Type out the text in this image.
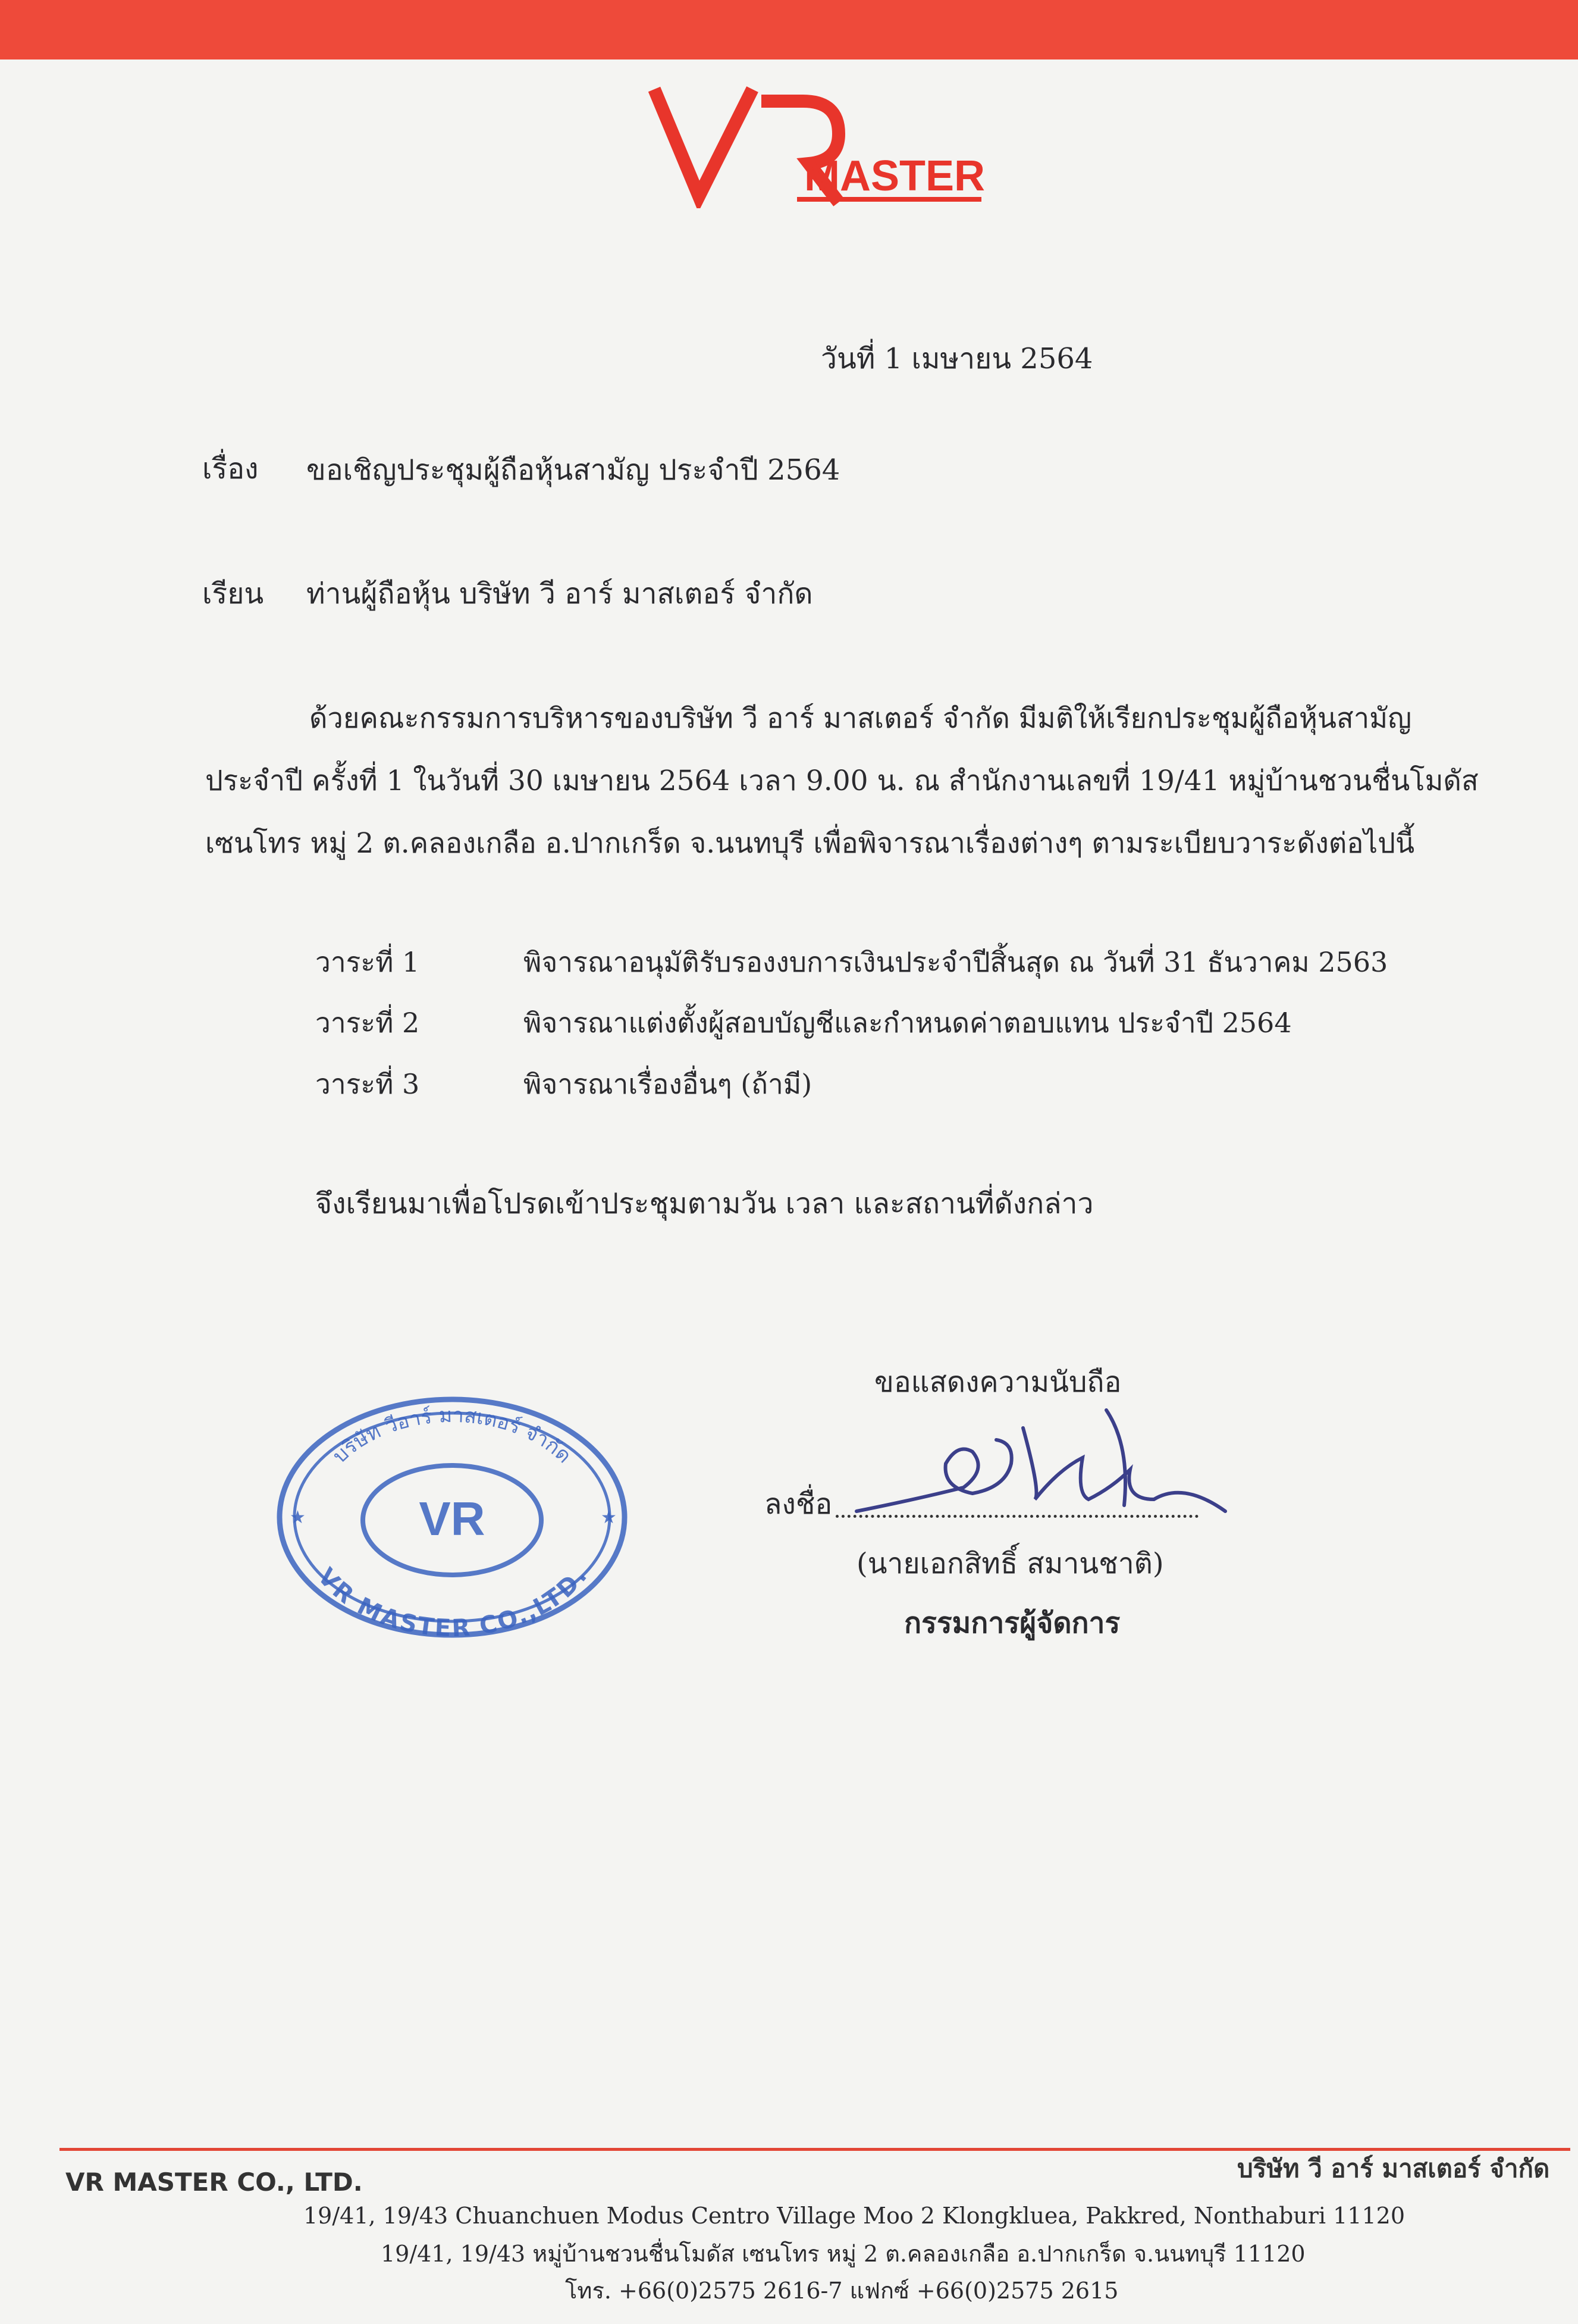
MASTER
วันที่ 1 เมษายน 2564
เรื่อง ขอเชิญประชุมผู้ถือหุ้นสามัญ ประจำปี 2564
เรียน ท่านผู้ถือหุ้น บริษัท วี อาร์ มาสเตอร์ จำกัด
ด้วยคณะกรรมการบริหารของบริษัท วี อาร์ มาสเตอร์ จำกัด มีมติให้เรียกประชุมผู้ถือหุ้นสามัญ
ประจำปี ครั้งที่ 1 ในวันที่ 30 เมษายน 2564 เวลา 9.00 น. ณ สำนักงานเลขที่ 19/41 หมู่บ้านชวนชื่นโมดัส
เซนโทร หมู่ 2 ต.คลองเกลือ อ.ปากเกร็ด จ.นนทบุรี เพื่อพิจารณาเรื่องต่างๆ ตามระเบียบวาระดังต่อไปนี้
วาระที่ 1	พิจารณาอนุมัติรับรองงบการเงินประจำปีสิ้นสุด ณ วันที่ 31 ธันวาคม 2563
วาระที่ 2	พิจารณาแต่งตั้งผู้สอบบัญชีและกำหนดค่าตอบแทน ประจำปี 2564
วาระที่ 3	พิจารณาเรื่องอื่นๆ (ถ้ามี)
จึงเรียนมาเพื่อโปรดเข้าประชุมตามวัน เวลา และสถานที่ดังกล่าว
ขอแสดงความนับถือ
บริษัท วีอาร์ มาสเตอร์ จำกัด
VR MASTER CO.,LTD.
VR
★	★	ลงชื่อ
(นายเอกสิทธิ์ สมานชาติ)
กรรมการผู้จัดการ
VR MASTER CO., LTD.	บริษัท วี อาร์ มาสเตอร์ จำกัด
19/41, 19/43 Chuanchuen Modus Centro Village Moo 2 Klongkluea, Pakkred, Nonthaburi 11120
19/41, 19/43 หมู่บ้านชวนชื่นโมดัส เซนโทร หมู่ 2 ต.คลองเกลือ อ.ปากเกร็ด จ.นนทบุรี 11120
โทร. +66(0)2575 2616-7 แฟกซ์ +66(0)2575 2615
